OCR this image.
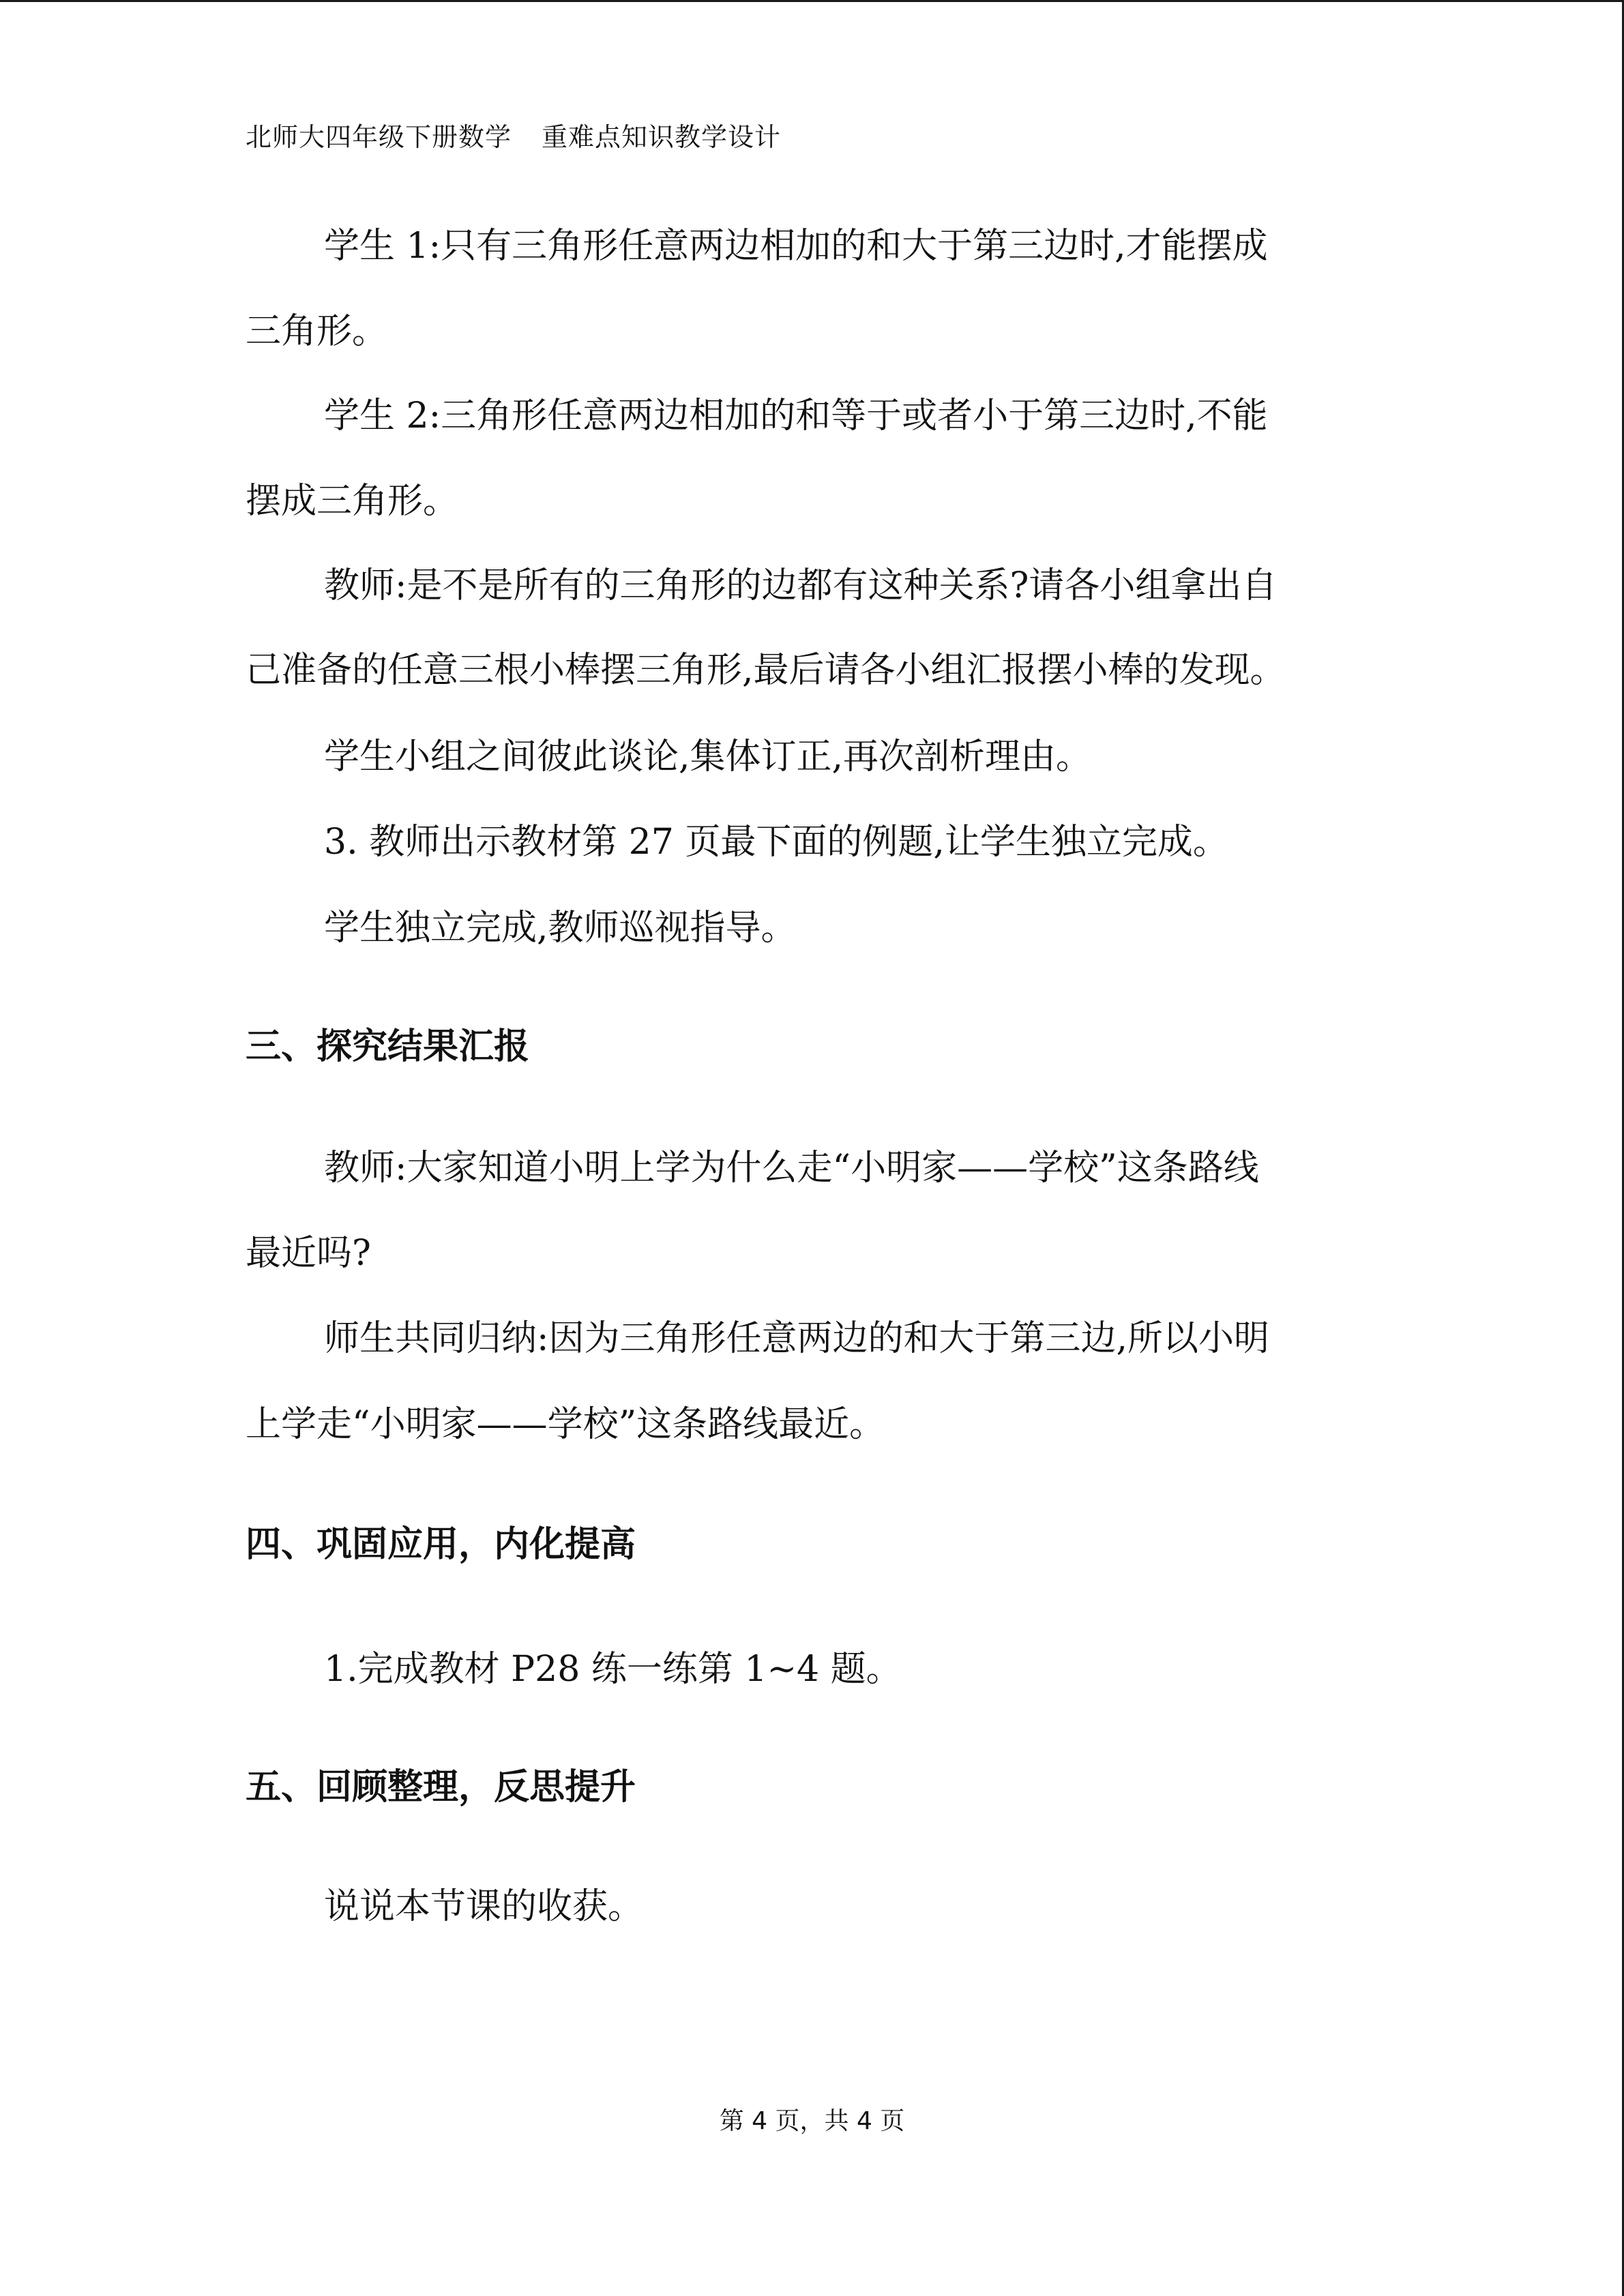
北师大四年级下册数学 重难点知识教学设计
学生 1:只有三角形任意两边相加的和大于第三边时,才能摆成
三角形。
学生 2:三角形任意两边相加的和等于或者小于第三边时,不能
摆成三角形。
教师:是不是所有的三角形的边都有这种关系?请各小组拿出自
己准备的任意三根小棒摆三角形,最后请各小组汇报摆小棒的发现。
学生小组之间彼此谈论,集体订正,再次剖析理由。
3. 教师出示教材第 27 页最下面的例题,让学生独立完成。
学生独立完成,教师巡视指导。
三、探究结果汇报
教师:大家知道小明上学为什么走“小明家——学校”这条路线
最近吗?
师生共同归纳:因为三角形任意两边的和大于第三边,所以小明
上学走“小明家——学校”这条路线最近。
四、巩固应用，内化提高
1.完成教材 P28 练一练第 1~4 题。
五、回顾整理，反思提升
说说本节课的收获。
第 4 页，共 4 页
